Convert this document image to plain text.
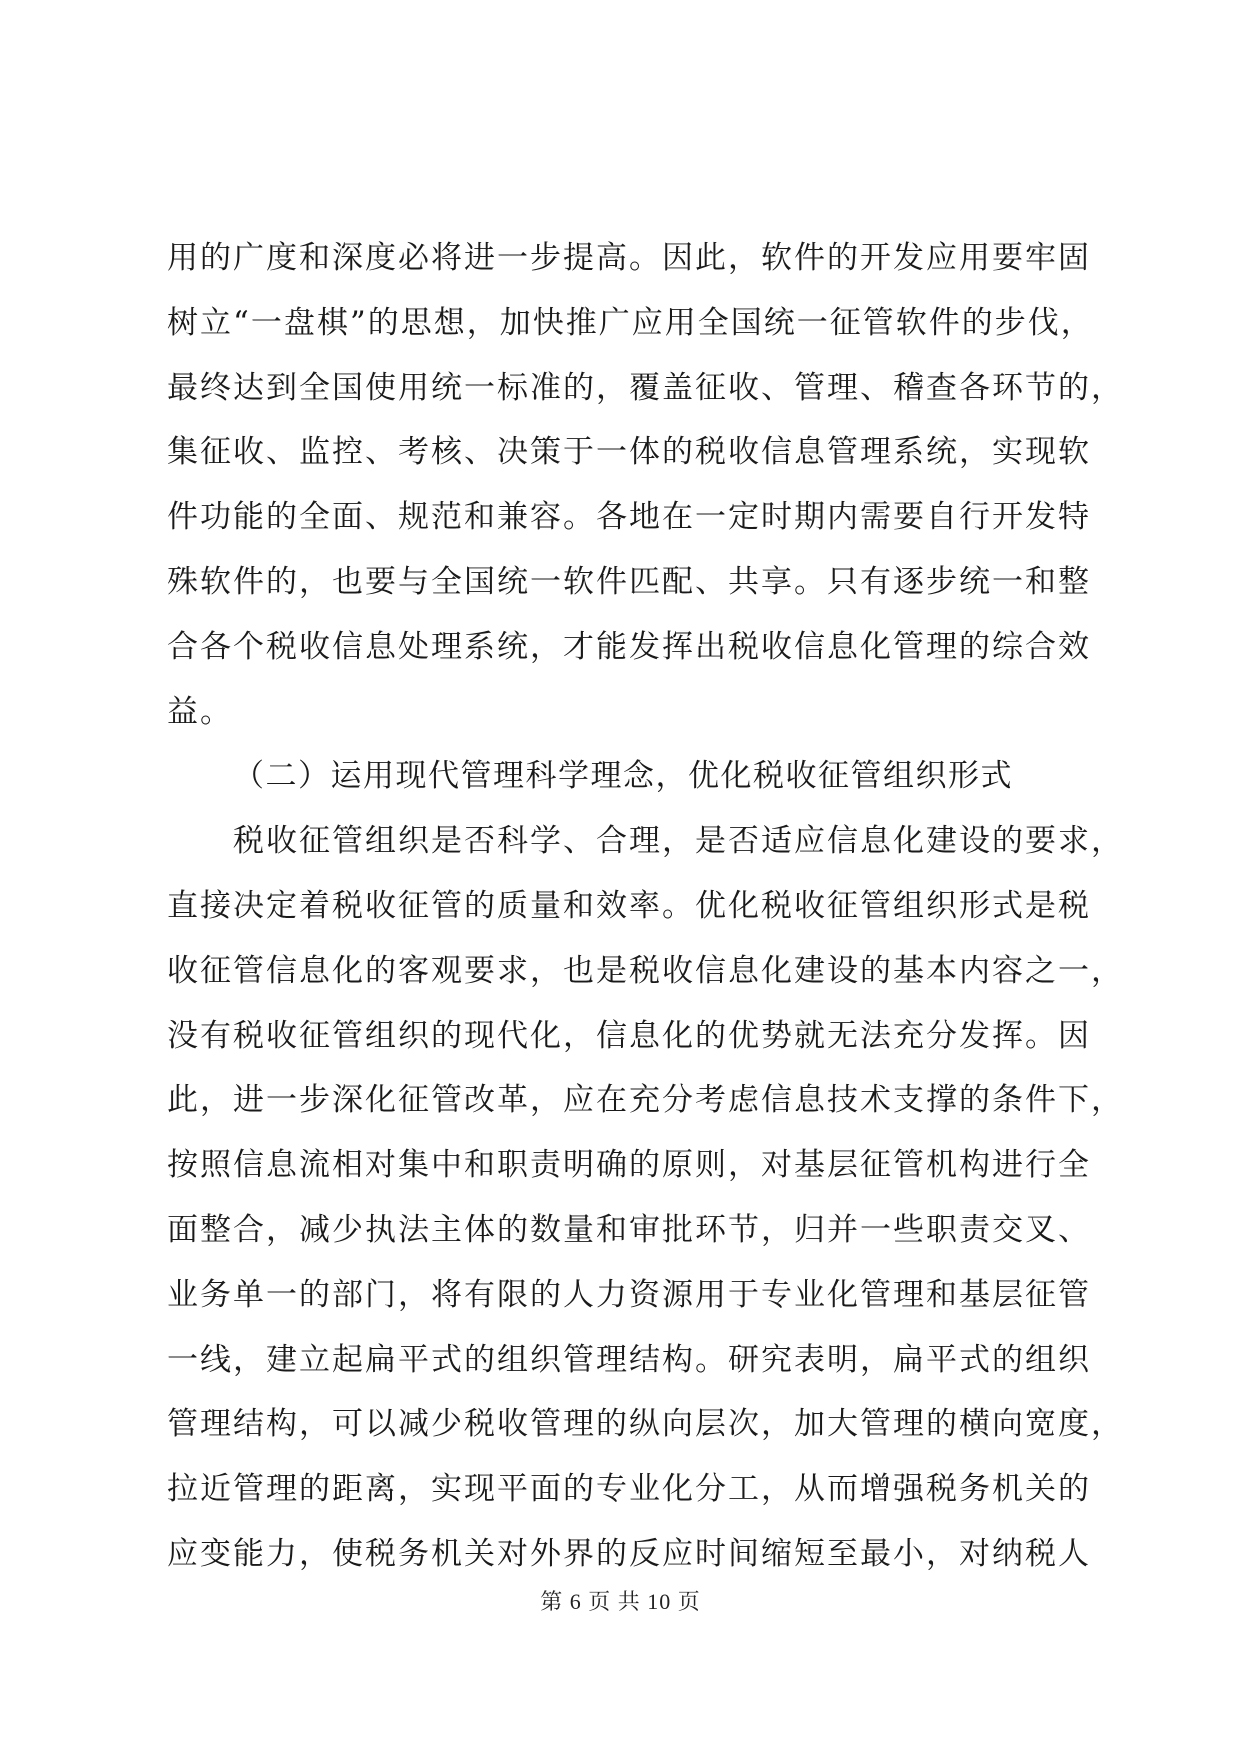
用的广度和深度必将进一步提高。因此，软件的开发应用要牢固
树立“一盘棋”的思想，加快推广应用全国统一征管软件的步伐，
最终达到全国使用统一标准的，覆盖征收、管理、稽查各环节的，
集征收、监控、考核、决策于一体的税收信息管理系统，实现软
件功能的全面、规范和兼容。各地在一定时期内需要自行开发特
殊软件的，也要与全国统一软件匹配、共享。只有逐步统一和整
合各个税收信息处理系统，才能发挥出税收信息化管理的综合效
益。
（二）运用现代管理科学理念，优化税收征管组织形式
税收征管组织是否科学、合理，是否适应信息化建设的要求，
直接决定着税收征管的质量和效率。优化税收征管组织形式是税
收征管信息化的客观要求，也是税收信息化建设的基本内容之一，
没有税收征管组织的现代化，信息化的优势就无法充分发挥。因
此，进一步深化征管改革，应在充分考虑信息技术支撑的条件下，
按照信息流相对集中和职责明确的原则，对基层征管机构进行全
面整合，减少执法主体的数量和审批环节，归并一些职责交叉、
业务单一的部门，将有限的人力资源用于专业化管理和基层征管
一线，建立起扁平式的组织管理结构。研究表明，扁平式的组织
管理结构，可以减少税收管理的纵向层次，加大管理的横向宽度，
拉近管理的距离，实现平面的专业化分工，从而增强税务机关的
应变能力，使税务机关对外界的反应时间缩短至最小，对纳税人
第 6 页 共 10 页
